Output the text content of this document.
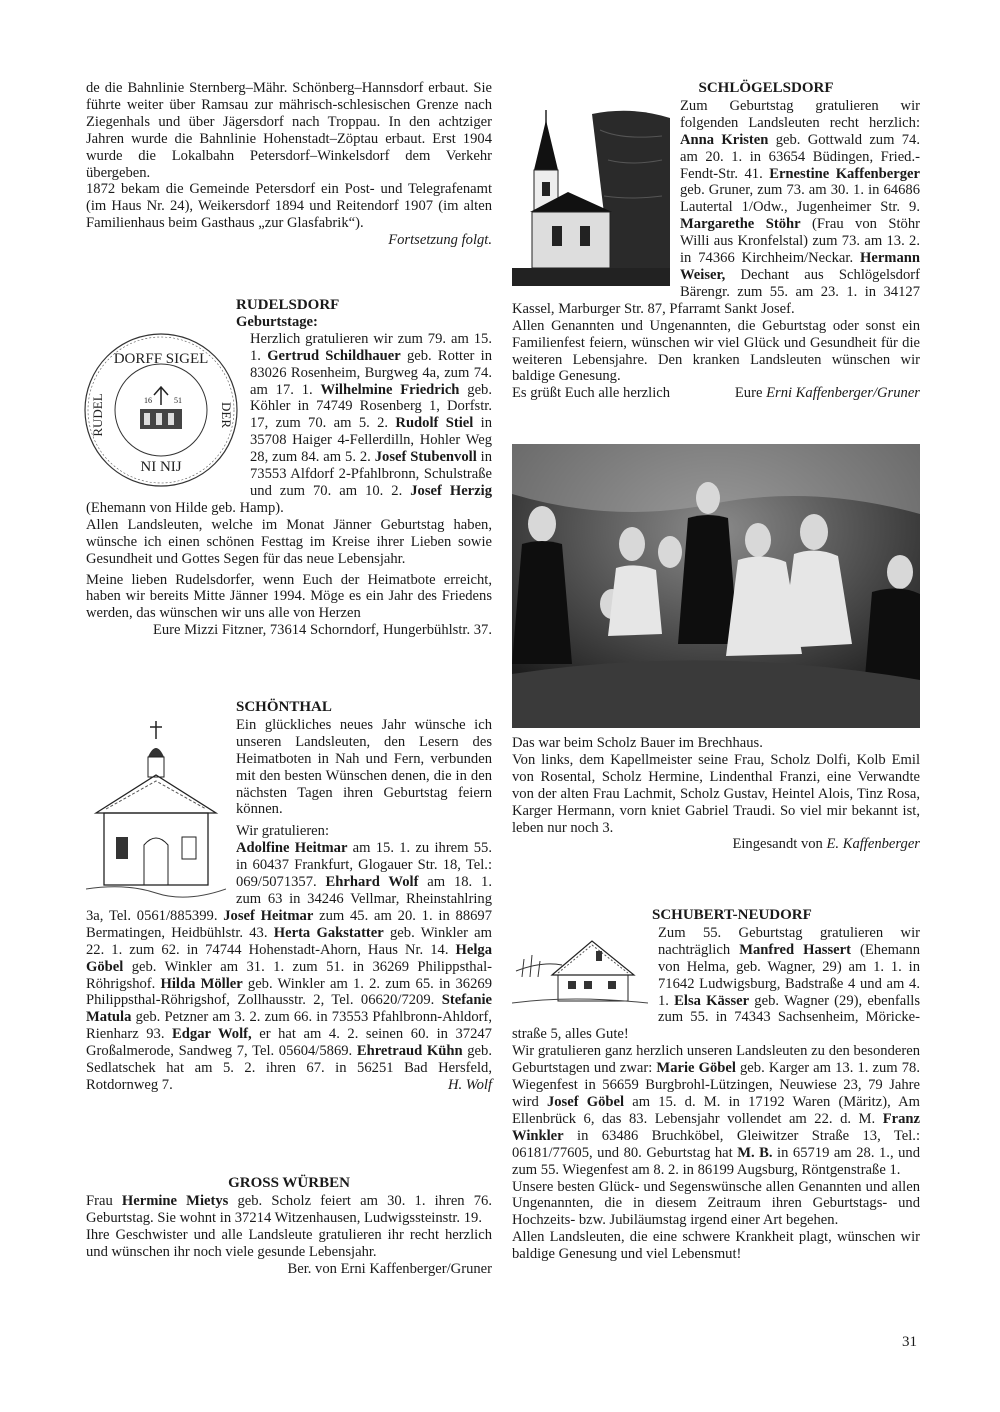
de die Bahnlinie Sternberg–Mähr. Schönberg–Hannsdorf erbaut. Sie führte weiter über Ramsau zur mährisch-schlesischen Grenze nach Ziegenhals und über Jägersdorf nach Troppau. In den achtziger Jahren wurde die Bahnlinie Hohenstadt–Zöptau erbaut. Erst 1904 wurde die Lokalbahn Petersdorf–Winkelsdorf dem Verkehr übergeben.

1872 bekam die Gemeinde Petersdorf ein Post- und Telegrafenamt (im Haus Nr. 24), Weikersdorf 1894 und Reitendorf 1907 (im alten Familienhaus beim Gasthaus „zur Glasfabrik“).

Fortsetzung folgt.

RUDELSDORF
Geburtstage:
DORFF SIGEL
NI NIJ
RUDEL	DER
16	51

Herzlich gratulieren wir zum 79. am 15. 1. Gertrud Schildhauer geb. Rotter in 83026 Rosenheim, Burgweg 4a, zum 74. am 17. 1. Wilhelmine Friedrich geb. Köhler in 74749 Rosenberg 1, Dorfstr. 17, zum 70. am 5. 2. Rudolf Stiel in 35708 Haiger 4-Fellerdilln, Hohler Weg 28, zum 84. am 5. 2. Josef Stubenvoll in 73553 Alfdorf 2-Pfahlbronn, Schulstraße und zum 70. am 10. 2. Josef Herzig (Ehemann von Hilde geb. Hamp).

Allen Landsleuten, welche im Monat Jänner Geburtstag haben, wünsche ich einen schönen Festtag im Kreise ihrer Lieben sowie Gesundheit und Gottes Segen für das neue Lebensjahr.

Meine lieben Rudelsdorfer, wenn Euch der Heimatbote erreicht, haben wir bereits Mitte Jänner 1994. Möge es ein Jahr des Friedens werden, das wünschen wir uns alle von Herzen

Eure Mizzi Fitzner, 73614 Schorndorf, Hungerbühlstr. 37.

SCHÖNTHAL

Ein glückliches neues Jahr wünsche ich unseren Landsleuten, den Lesern des Heimatboten in Nah und Fern, verbunden mit den besten Wünschen denen, die in den nächsten Tagen ihren Geburtstag feiern können.

Wir gratulieren:

Adolfine Heitmar am 15. 1. zu ihrem 55. in 60437 Frankfurt, Glogauer Str. 18, Tel.: 069/5071357. Ehrhard Wolf am 18. 1. zum 63 in 34246 Vellmar, Rheinstahlring 3a, Tel. 0561/885399. Josef Heitmar zum 45. am 20. 1. in 88697 Bermatingen, Heidbühlstr. 43. Herta Gakstatter geb. Winkler am 22. 1. zum 62. in 74744 Hohenstadt-Ahorn, Haus Nr. 14. Helga Göbel geb. Winkler am 31. 1. zum 51. in 36269 Philippsthal-Röhrigshof. Hilda Möller geb. Winkler am 1. 2. zum 65. in 36269 Philippsthal-Röhrigshof, Zollhausstr. 2, Tel. 06620/7209. Stefanie Matula geb. Petzner am 3. 2. zum 66. in 73553 Pfahlbronn-Ahldorf, Rienharz 93. Edgar Wolf, er hat am 4. 2. seinen 60. in 37247 Großalmerode, Sandweg 7, Tel. 05604/5869. Ehretraud Kühn geb. Sedlatschek hat am 5. 2. ihren 67. in 56251 Bad Hersfeld, Rotdornweg 7.	H. Wolf

GROSS WÜRBEN

Frau Hermine Mietys geb. Scholz feiert am 30. 1. ihren 76. Geburtstag. Sie wohnt in 37214 Witzenhausen, Ludwigssteinstr. 19.

Ihre Geschwister und alle Landsleute gratulieren ihr recht herzlich und wünschen ihr noch viele gesunde Lebensjahr.

Ber. von Erni Kaffenberger/Gruner

SCHLÖGELSDORF

Zum Geburtstag gratulieren wir folgenden Landsleuten recht herzlich: Anna Kristen geb. Gottwald zum 74. am 20. 1. in 63654 Büdingen, Fried.-Fendt-Str. 41. Ernestine Kaffenberger geb. Gruner, zum 73. am 30. 1. in 64686 Lautertal 1/Odw., Jugenheimer Str. 9. Margarethe Stöhr (Frau von Stöhr Willi aus Kronfelstal) zum 73. am 13. 2. in 74366 Kirchheim/Neckar. Hermann Weiser, Dechant aus Schlögelsdorf Bärengr. zum 55. am 23. 1. in 34127 Kassel, Marburger Str. 87, Pfarramt Sankt Josef.

Allen Genannten und Ungenannten, die Geburtstag oder sonst ein Familienfest feiern, wünschen wir viel Glück und Gesundheit für die weiteren Lebensjahre. Den kranken Landsleuten wünschen wir baldige Genesung.

Es grüßt Euch alle herzlich	Eure Erni Kaffenberger/Gruner

Das war beim Scholz Bauer im Brechhaus.

Von links, dem Kapellmeister seine Frau, Scholz Dolfi, Kolb Emil von Rosental, Scholz Hermine, Lindenthal Franzi, eine Verwandte von der alten Frau Lachmit, Scholz Gustav, Heintel Alois, Tinz Rosa, Karger Hermann, vorn kniet Gabriel Traudi. So viel mir bekannt ist, leben nur noch 3.

Eingesandt von E. Kaffenberger

SCHUBERT-NEUDORF

Zum 55. Geburtstag gratulieren wir nachträglich Manfred Hassert (Ehemann von Helma, geb. Wagner, 29) am 1. 1. in 71642 Ludwigsburg, Badstraße 4 und am 4. 1. Elsa Kässer geb. Wagner (29), ebenfalls zum 55. in 74343 Sachsenheim, Mörickestraße 5, alles Gute!

Wir gratulieren ganz herzlich unseren Landsleuten zu den besonderen Geburtstagen und zwar: Marie Göbel geb. Karger am 13. 1. zum 78. Wiegenfest in 56659 Burgbrohl-Lützingen, Neuwiese 23, 79 Jahre wird Josef Göbel am 15. d. M. in 17192 Waren (Märitz), Am Ellenbrück 6, das 83. Lebensjahr vollendet am 22. d. M. Franz Winkler in 63486 Bruchköbel, Gleiwitzer Straße 13, Tel.: 06181/77605, und 80. Geburtstag hat M. B. in 65719 am 28. 1., und zum 55. Wiegenfest am 8. 2. in 86199 Augsburg, Röntgenstraße 1.

Unsere besten Glück- und Segenswünsche allen Genannten und allen Ungenannten, die in diesem Zeitraum ihren Geburtstags- und Hochzeits- bzw. Jubiläumstag irgend einer Art begehen.

Allen Landsleuten, die eine schwere Krankheit plagt, wünschen wir baldige Genesung und viel Lebensmut!

31
